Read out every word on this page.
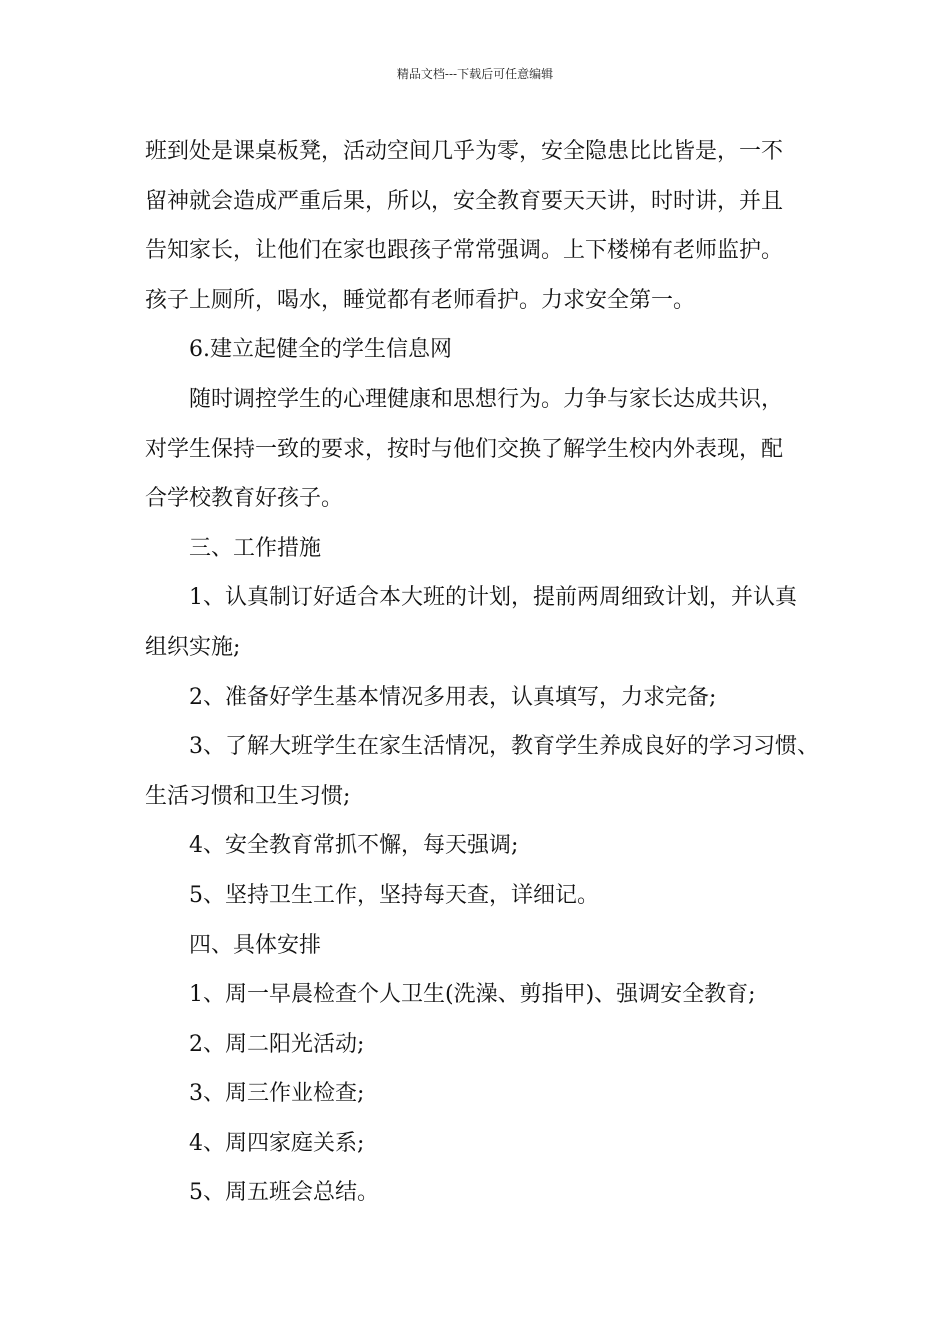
精品文档---下载后可任意编辑
班到处是课桌板凳，活动空间几乎为零，安全隐患比比皆是，一不
留神就会造成严重后果，所以，安全教育要天天讲，时时讲，并且
告知家长，让他们在家也跟孩子常常强调。上下楼梯有老师监护。
孩子上厕所，喝水，睡觉都有老师看护。力求安全第一。
6.建立起健全的学生信息网
随时调控学生的心理健康和思想行为。力争与家长达成共识，
对学生保持一致的要求，按时与他们交换了解学生校内外表现，配
合学校教育好孩子。
三、工作措施
1、认真制订好适合本大班的计划，提前两周细致计划，并认真
组织实施;
2、准备好学生基本情况多用表，认真填写，力求完备;
3、了解大班学生在家生活情况，教育学生养成良好的学习习惯、
生活习惯和卫生习惯;
4、安全教育常抓不懈，每天强调;
5、坚持卫生工作，坚持每天查，详细记。
四、具体安排
1、周一早晨检查个人卫生(洗澡、剪指甲)、强调安全教育;
2、周二阳光活动;
3、周三作业检查;
4、周四家庭关系;
5、周五班会总结。
